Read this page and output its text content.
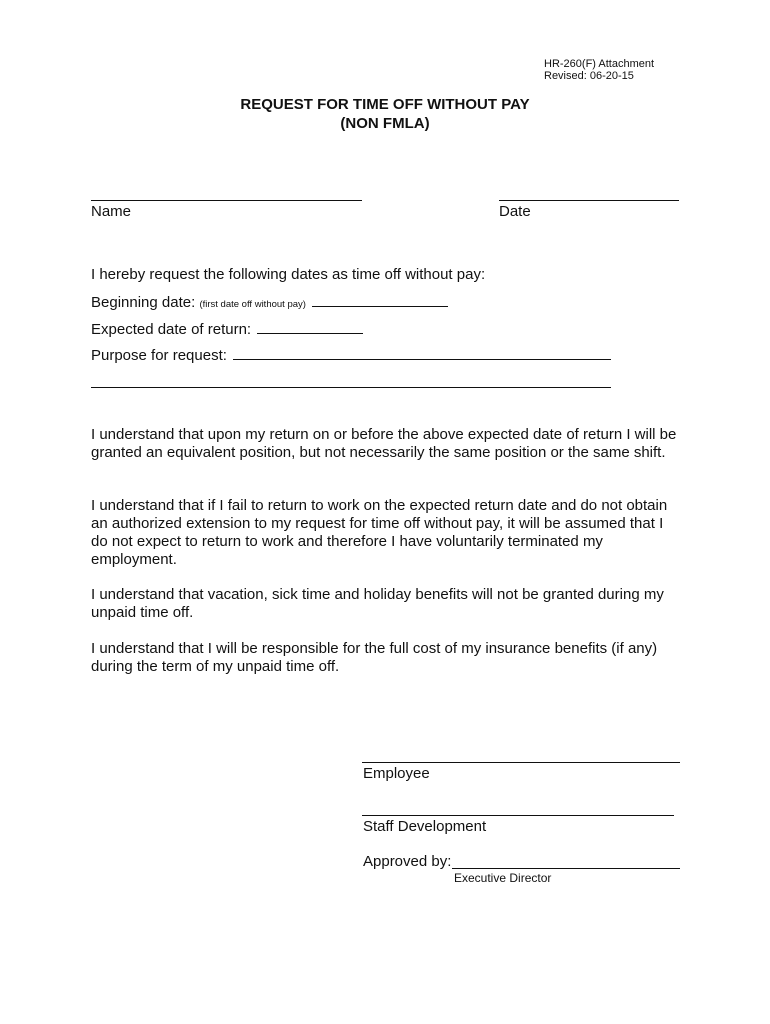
HR-260(F) Attachment
Revised: 06-20-15
REQUEST FOR TIME OFF WITHOUT PAY
(NON FMLA)
Name	Date
I hereby request the following dates as time off without pay:
Beginning date: (first date off without pay)
Expected date of return:
Purpose for request:
I understand that upon my return on or before the above expected date of return I will be granted an equivalent position, but not necessarily the same position or the same shift.
I understand that if I fail to return to work on the expected return date and do not obtain an authorized extension to my request for time off without pay, it will be assumed that I do not expect to return to work and therefore I have voluntarily terminated my employment.
I understand that vacation, sick time and holiday benefits will not be granted during my unpaid time off.
I understand that I will be responsible for the full cost of my insurance benefits (if any) during the term of my unpaid time off.
Employee
Staff Development
Approved by:
Executive Director
